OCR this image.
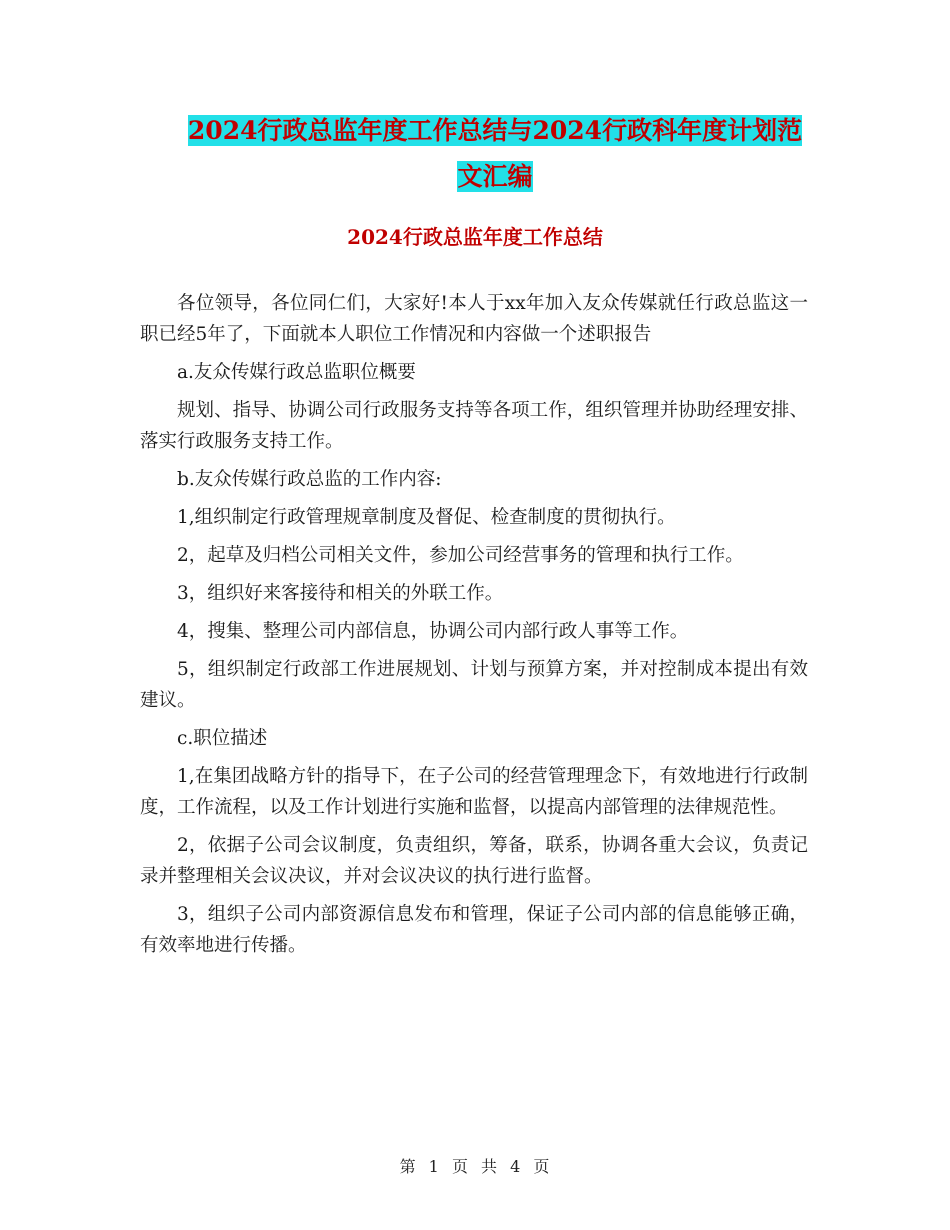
2024行政总监年度工作总结与2024行政科年度计划范
文汇编
2024行政总监年度工作总结

各位领导，各位同仁们，大家好!本人于xx年加入友众传媒就任行政总监这一职已经5年了，下面就本人职位工作情况和内容做一个述职报告

a.友众传媒行政总监职位概要

规划、指导、协调公司行政服务支持等各项工作，组织管理并协助经理安排、落实行政服务支持工作。

b.友众传媒行政总监的工作内容:

1,组织制定行政管理规章制度及督促、检查制度的贯彻执行。

2，起草及归档公司相关文件，参加公司经营事务的管理和执行工作。

3，组织好来客接待和相关的外联工作。

4，搜集、整理公司内部信息，协调公司内部行政人事等工作。

5，组织制定行政部工作进展规划、计划与预算方案，并对控制成本提出有效建议。

c.职位描述

1,在集团战略方针的指导下，在子公司的经营管理理念下，有效地进行行政制度，工作流程，以及工作计划进行实施和监督，以提高内部管理的法律规范性。

2，依据子公司会议制度，负责组织，筹备，联系，协调各重大会议，负责记录并整理相关会议决议，并对会议决议的执行进行监督。

3，组织子公司内部资源信息发布和管理，保证子公司内部的信息能够正确，有效率地进行传播。

第 1 页 共 4 页
